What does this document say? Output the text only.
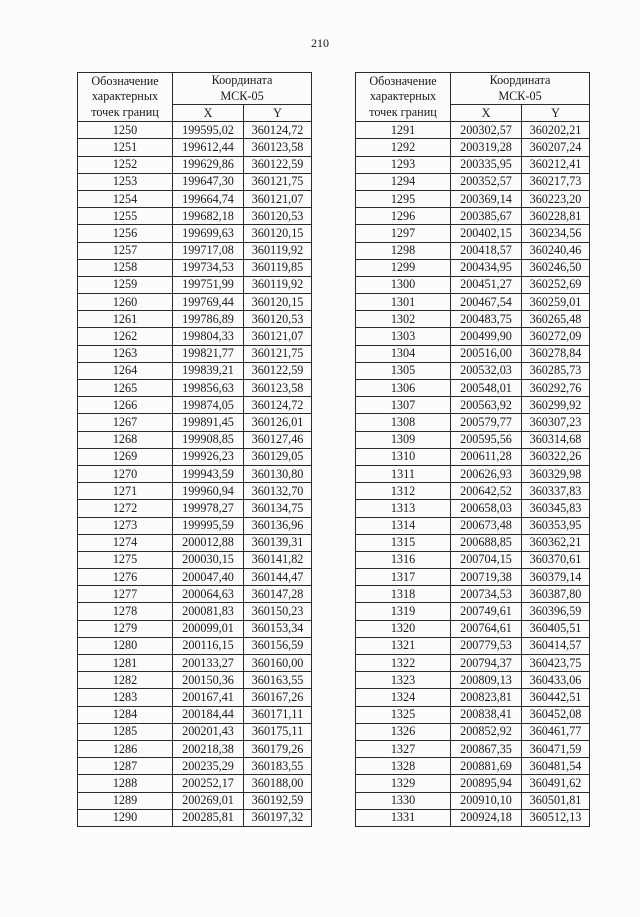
210
Обозначение
характерных
точек границ	Координата
МСК-05	
	X	Y
1250	199595,02	360124,72
1251	199612,44	360123,58
1252	199629,86	360122,59
1253	199647,30	360121,75
1254	199664,74	360121,07
1255	199682,18	360120,53
1256	199699,63	360120,15
1257	199717,08	360119,92
1258	199734,53	360119,85
1259	199751,99	360119,92
1260	199769,44	360120,15
1261	199786,89	360120,53
1262	199804,33	360121,07
1263	199821,77	360121,75
1264	199839,21	360122,59
1265	199856,63	360123,58
1266	199874,05	360124,72
1267	199891,45	360126,01
1268	199908,85	360127,46
1269	199926,23	360129,05
1270	199943,59	360130,80
1271	199960,94	360132,70
1272	199978,27	360134,75
1273	199995,59	360136,96
1274	200012,88	360139,31
1275	200030,15	360141,82
1276	200047,40	360144,47
1277	200064,63	360147,28
1278	200081,83	360150,23
1279	200099,01	360153,34
1280	200116,15	360156,59
1281	200133,27	360160,00
1282	200150,36	360163,55
1283	200167,41	360167,26
1284	200184,44	360171,11
1285	200201,43	360175,11
1286	200218,38	360179,26
1287	200235,29	360183,55
1288	200252,17	360188,00
1289	200269,01	360192,59
1290	200285,81	360197,32
Обозначение
характерных
точек границ	Координата
МСК-05	
	X	Y
1291	200302,57	360202,21
1292	200319,28	360207,24
1293	200335,95	360212,41
1294	200352,57	360217,73
1295	200369,14	360223,20
1296	200385,67	360228,81
1297	200402,15	360234,56
1298	200418,57	360240,46
1299	200434,95	360246,50
1300	200451,27	360252,69
1301	200467,54	360259,01
1302	200483,75	360265,48
1303	200499,90	360272,09
1304	200516,00	360278,84
1305	200532,03	360285,73
1306	200548,01	360292,76
1307	200563,92	360299,92
1308	200579,77	360307,23
1309	200595,56	360314,68
1310	200611,28	360322,26
1311	200626,93	360329,98
1312	200642,52	360337,83
1313	200658,03	360345,83
1314	200673,48	360353,95
1315	200688,85	360362,21
1316	200704,15	360370,61
1317	200719,38	360379,14
1318	200734,53	360387,80
1319	200749,61	360396,59
1320	200764,61	360405,51
1321	200779,53	360414,57
1322	200794,37	360423,75
1323	200809,13	360433,06
1324	200823,81	360442,51
1325	200838,41	360452,08
1326	200852,92	360461,77
1327	200867,35	360471,59
1328	200881,69	360481,54
1329	200895,94	360491,62
1330	200910,10	360501,81
1331	200924,18	360512,13
